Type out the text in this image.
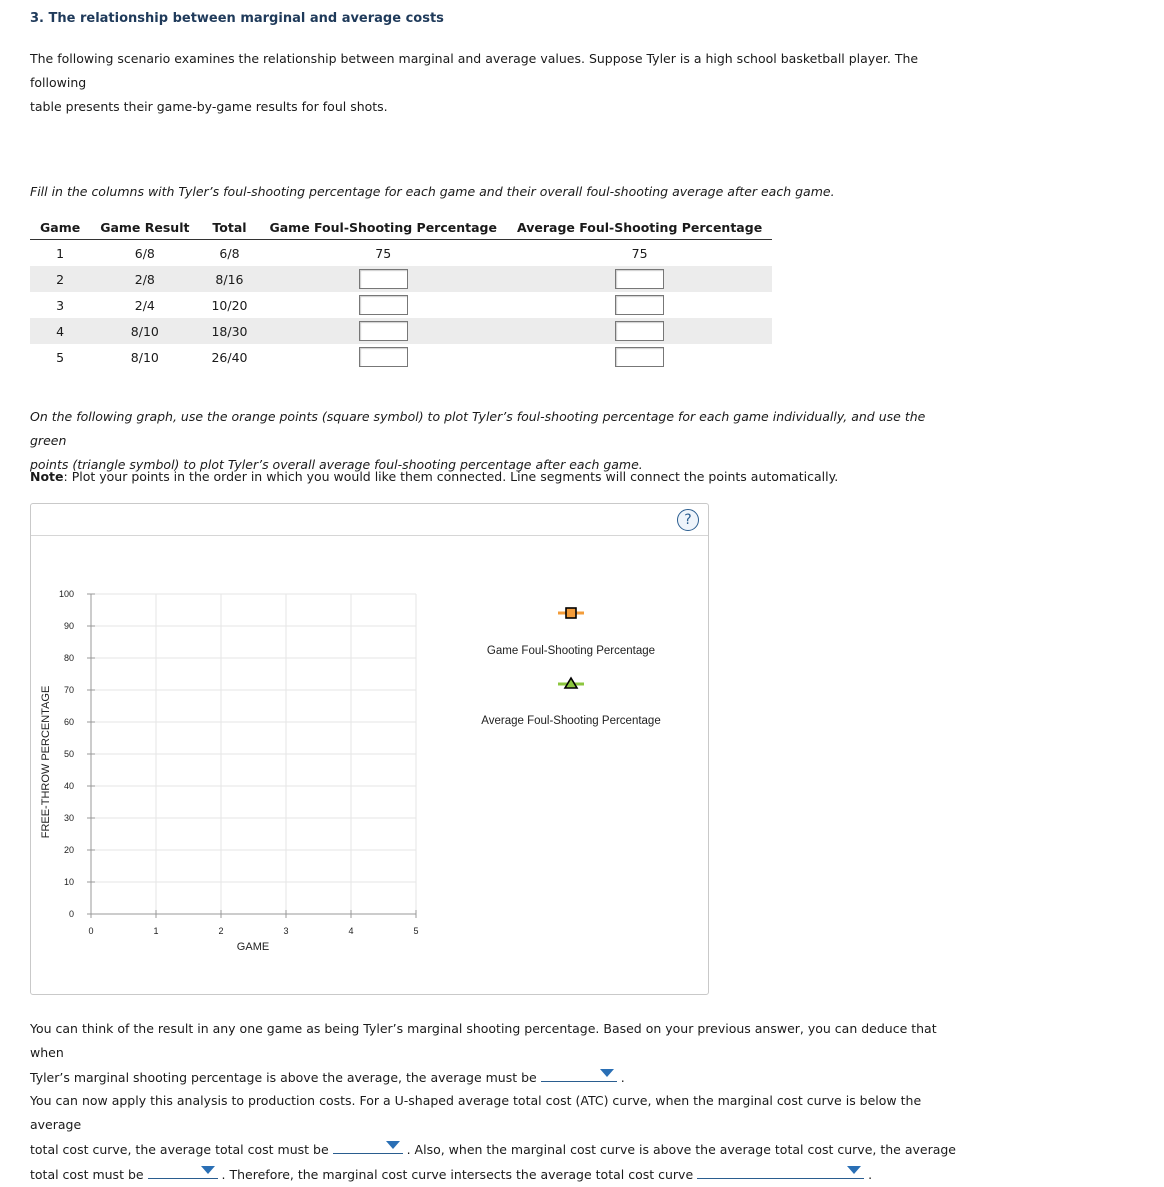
3. The relationship between marginal and average costs
The following scenario examines the relationship between marginal and average values. Suppose Tyler is a high school basketball player. The following
table presents their game-by-game results for foul shots.
Fill in the columns with Tyler’s foul-shooting percentage for each game and their overall foul-shooting average after each game.
Game	Game Result	Total	Game Foul-Shooting Percentage	Average Foul-Shooting Percentage
1	6/8	6/8	75	75
2	2/8	8/16		
3	2/4	10/20		
4	8/10	18/30		
5	8/10	26/40		
On the following graph, use the orange points (square symbol) to plot Tyler’s foul-shooting percentage for each game individually, and use the green
points (triangle symbol) to plot Tyler’s overall average foul-shooting percentage after each game.
Note: Plot your points in the order in which you would like them connected. Line segments will connect the points automatically.
?
0
10
20
30
40
50
60
70
80
90
100
0	1	2	3	4	5
FREE-THROW PERCENTAGE
GAME
Game Foul-Shooting Percentage
Average Foul-Shooting Percentage
You can think of the result in any one game as being Tyler’s marginal shooting percentage. Based on your previous answer, you can deduce that when
Tyler’s marginal shooting percentage is above the average, the average must be	.
You can now apply this analysis to production costs. For a U-shaped average total cost (ATC) curve, when the marginal cost curve is below the average
total cost curve, the average total cost must be	. Also, when the marginal cost curve is above the average total cost curve, the average
total cost must be	. Therefore, the marginal cost curve intersects the average total cost curve	.
